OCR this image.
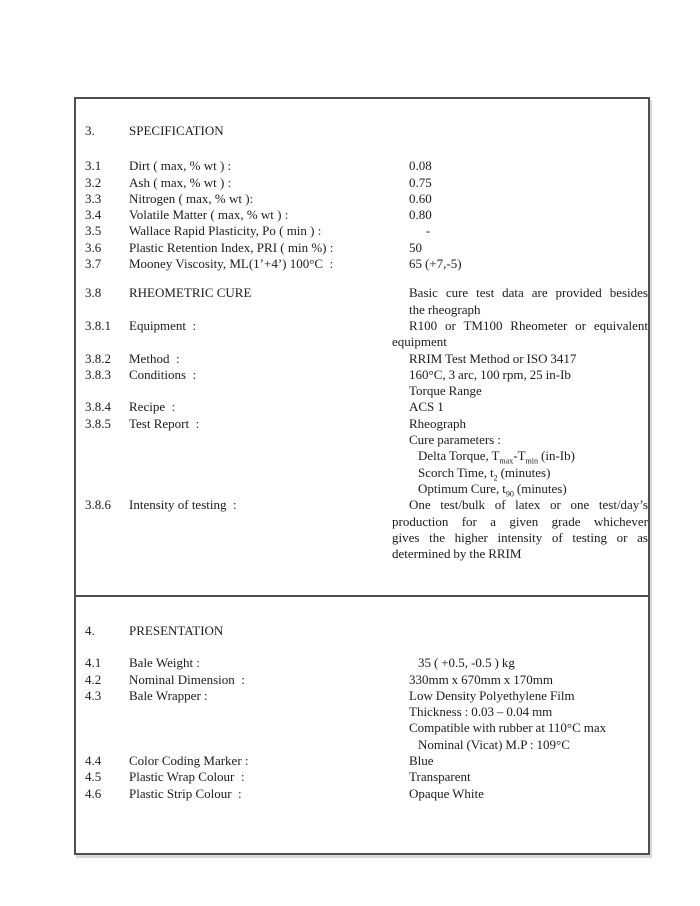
3.	SPECIFICATION
3.1	Dirt ( max, % wt ) :	0.08
3.2	Ash ( max, % wt ) :	0.75
3.3	Nitrogen ( max, % wt ):	0.60
3.4	Volatile Matter ( max, % wt ) :	0.80
3.5	Wallace Rapid Plasticity, Po ( min ) :	-
3.6	Plastic Retention Index, PRI ( min %) :	50
3.7	Mooney Viscosity, ML(1’+4’) 100°C  :	65 (+7,-5)
3.8	RHEOMETRIC CURE	Basic cure test data are provided besides
the rheograph
3.8.1	Equipment  :	R100 or TM100 Rheometer or equivalent
equipment
3.8.2	Method  :	RRIM Test Method or ISO 3417
3.8.3	Conditions  :	160°C, 3 arc, 100 rpm, 25 in-Ib
Torque Range
3.8.4	Recipe  :	ACS 1
3.8.5	Test Report  :	Rheograph
Cure parameters :
Delta Torque, $T_{max}-T_{min}$ (in-Ib)
Scorch Time, $t_2$ (minutes)
Optimum Cure, $t_{90}$ (minutes)
3.8.6	Intensity of testing  :	One test/bulk of latex or one test/day’s
production for a given grade whichever
gives the higher intensity of testing or as
determined by the RRIM
4.	PRESENTATION
4.1	Bale Weight :	35 ( +0.5, -0.5 ) kg
4.2	Nominal Dimension  :	330mm x 670mm x 170mm
4.3	Bale Wrapper :	Low Density Polyethylene Film
Thickness : 0.03 – 0.04 mm
Compatible with rubber at 110°C max
Nominal (Vicat) M.P : 109°C
4.4	Color Coding Marker :	Blue
4.5	Plastic Wrap Colour  :	Transparent
4.6	Plastic Strip Colour  :	Opaque White
